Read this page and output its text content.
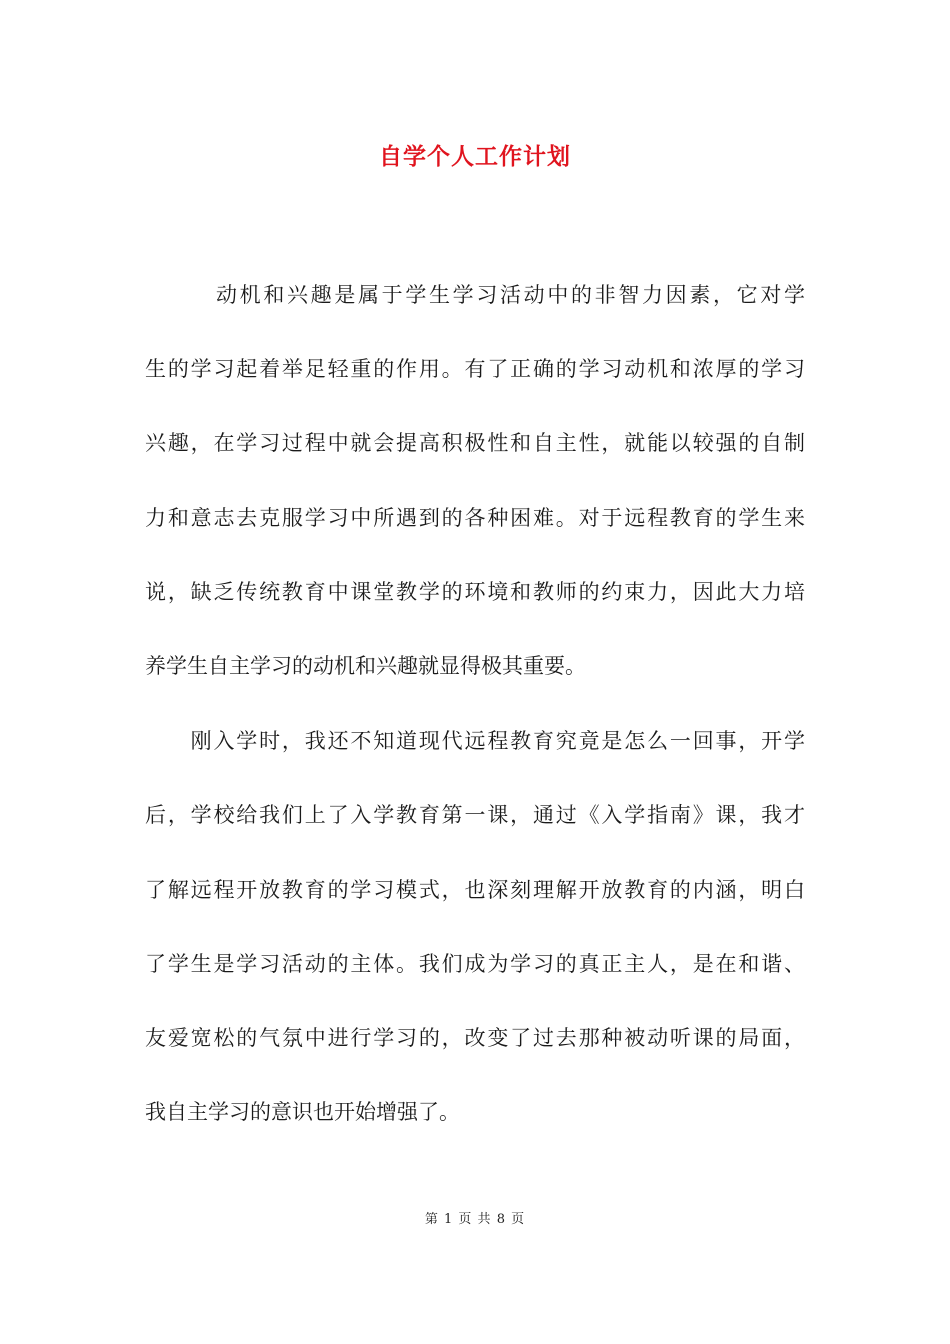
自学个人工作计划
　　　动机和兴趣是属于学生学习活动中的非智力因素，它对学
生的学习起着举足轻重的作用。有了正确的学习动机和浓厚的学习
兴趣，在学习过程中就会提高积极性和自主性，就能以较强的自制
力和意志去克服学习中所遇到的各种困难。对于远程教育的学生来
说，缺乏传统教育中课堂教学的环境和教师的约束力，因此大力培
养学生自主学习的动机和兴趣就显得极其重要。
　　刚入学时，我还不知道现代远程教育究竟是怎么一回事，开学
后，学校给我们上了入学教育第一课，通过《入学指南》课，我才
了解远程开放教育的学习模式，也深刻理解开放教育的内涵，明白
了学生是学习活动的主体。我们成为学习的真正主人，是在和谐、
友爱宽松的气氛中进行学习的，改变了过去那种被动听课的局面，
我自主学习的意识也开始增强了。
第 1 页 共 8 页
